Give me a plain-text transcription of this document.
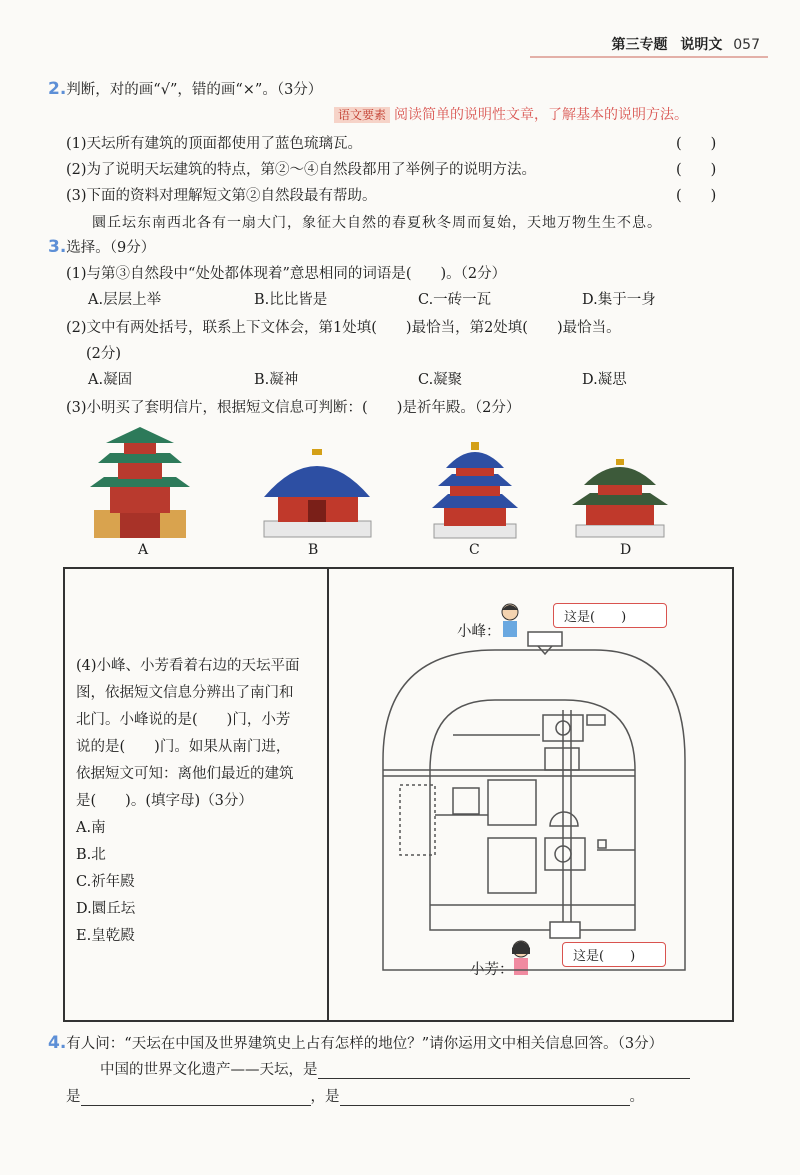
第三专题 说明文 057
2.判断，对的画“√”，错的画“×”。（3分）
语文要素 阅读简单的说明性文章，了解基本的说明方法。
(1)天坛所有建筑的顶面都使用了蓝色琉璃瓦。	(　　)
(2)为了说明天坛建筑的特点，第②～④自然段都用了举例子的说明方法。	(　　)
(3)下面的资料对理解短文第②自然段最有帮助。	(　　)
圜丘坛东南西北各有一扇大门，象征大自然的春夏秋冬周而复始，天地万物生生不息。
3.选择。（9分）
(1)与第③自然段中“处处都体现着”意思相同的词语是(　　)。（2分）
A.层层上举	B.比比皆是	C.一砖一瓦	D.集于一身
(2)文中有两处括号，联系上下文体会，第1处填(　　)最恰当，第2处填(　　)最恰当。
(2分)
A.凝固	B.凝神	C.凝聚	D.凝思
(3)小明买了套明信片，根据短文信息可判断：(　　)是祈年殿。（2分）
A	B	C	D
(4)小峰、小芳看着右边的天坛平面
图，依据短文信息分辨出了南门和
北门。小峰说的是(　　)门，小芳
说的是(　　)门。如果从南门进，
依据短文可知：离他们最近的建筑
是(　　)。(填字母)（3分）
A.南
B.北
C.祈年殿
D.圜丘坛
E.皇乾殿
小峰：
这是(　　)
小芳：
这是(　　)
4.有人问：“天坛在中国及世界建筑史上占有怎样的地位？”请你运用文中相关信息回答。（3分）
中国的世界文化遗产——天坛，是
是	，是	。
